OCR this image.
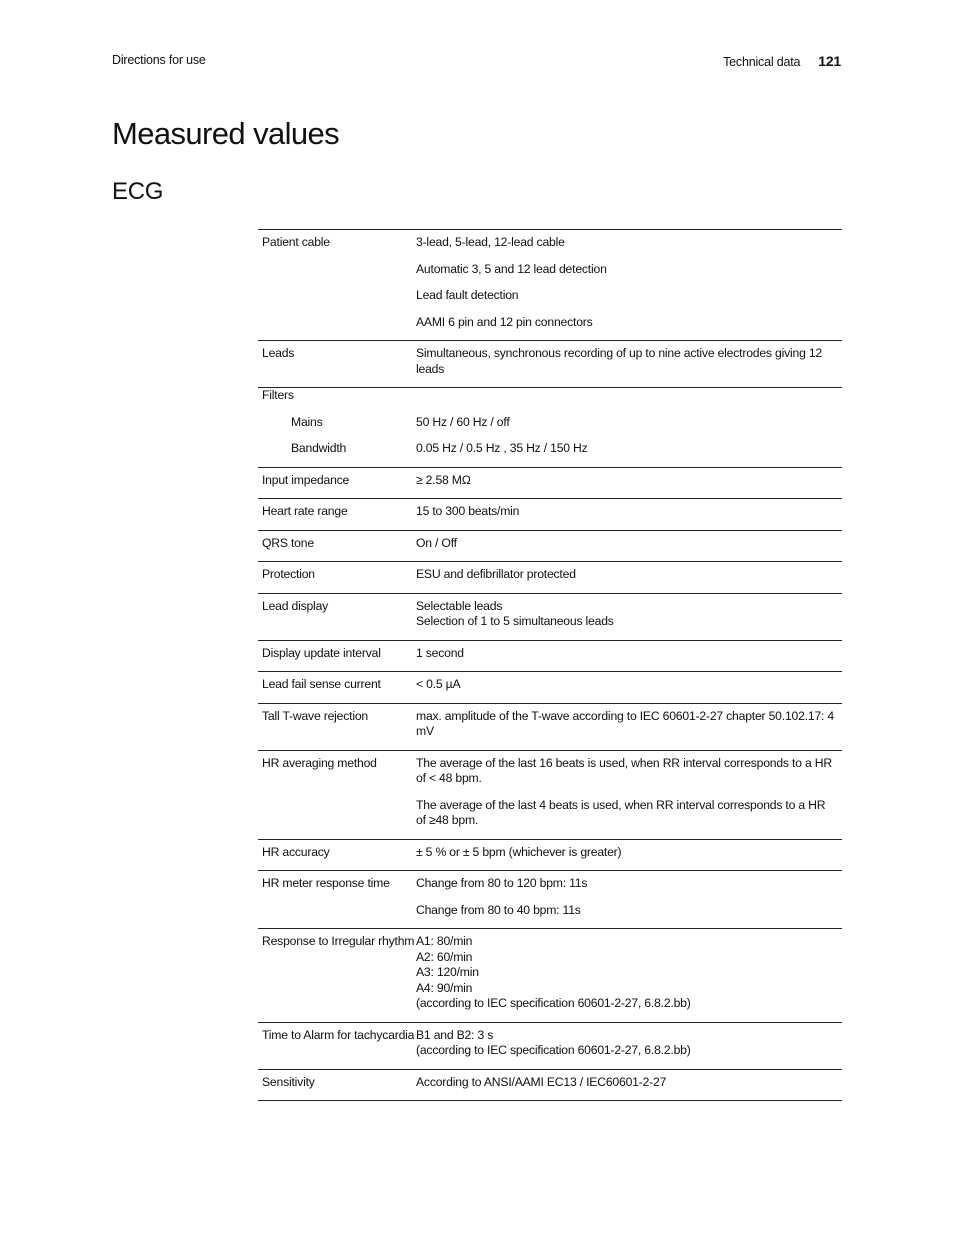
Directions for use	Technical data 121
Measured values
ECG
Patient cable	3-lead, 5-lead, 12-lead cable

Automatic 3, 5 and 12 lead detection

Lead fault detection

AAMI 6 pin and 12 pin connectors

Leads	Simultaneous, synchronous recording of up to nine active electrodes giving 12 leads

Filters

Mains	50 Hz / 60 Hz / off

Bandwidth	0.05 Hz / 0.5 Hz , 35 Hz / 150 Hz

Input impedance	≥ 2.58 MΩ

Heart rate range	15 to 300 beats/min

QRS tone	On / Off

Protection	ESU and defibrillator protected

Lead display	Selectable leads
Selection of 1 to 5 simultaneous leads

Display update interval	1 second

Lead fail sense current	< 0.5 µA

Tall T-wave rejection	max. amplitude of the T-wave according to IEC 60601-2-27 chapter 50.102.17: 4 mV

HR averaging method	The average of the last 16 beats is used, when RR interval corresponds to a HR of < 48 bpm.

The average of the last 4 beats is used, when RR interval corresponds to a HR of ≥48 bpm.

HR accuracy	± 5 % or ± 5 bpm (whichever is greater)

HR meter response time	Change from 80 to 120 bpm: 11s

Change from 80 to 40 bpm: 11s

Response to Irregular rhythm A1: 80/min
A2: 60/min
A3: 120/min
A4: 90/min
(according to IEC specification 60601-2-27, 6.8.2.bb)

Time to Alarm for tachycardia B1 and B2: 3 s
(according to IEC specification 60601-2-27, 6.8.2.bb)

Sensitivity	According to ANSI/AAMI EC13 / IEC60601-2-27
